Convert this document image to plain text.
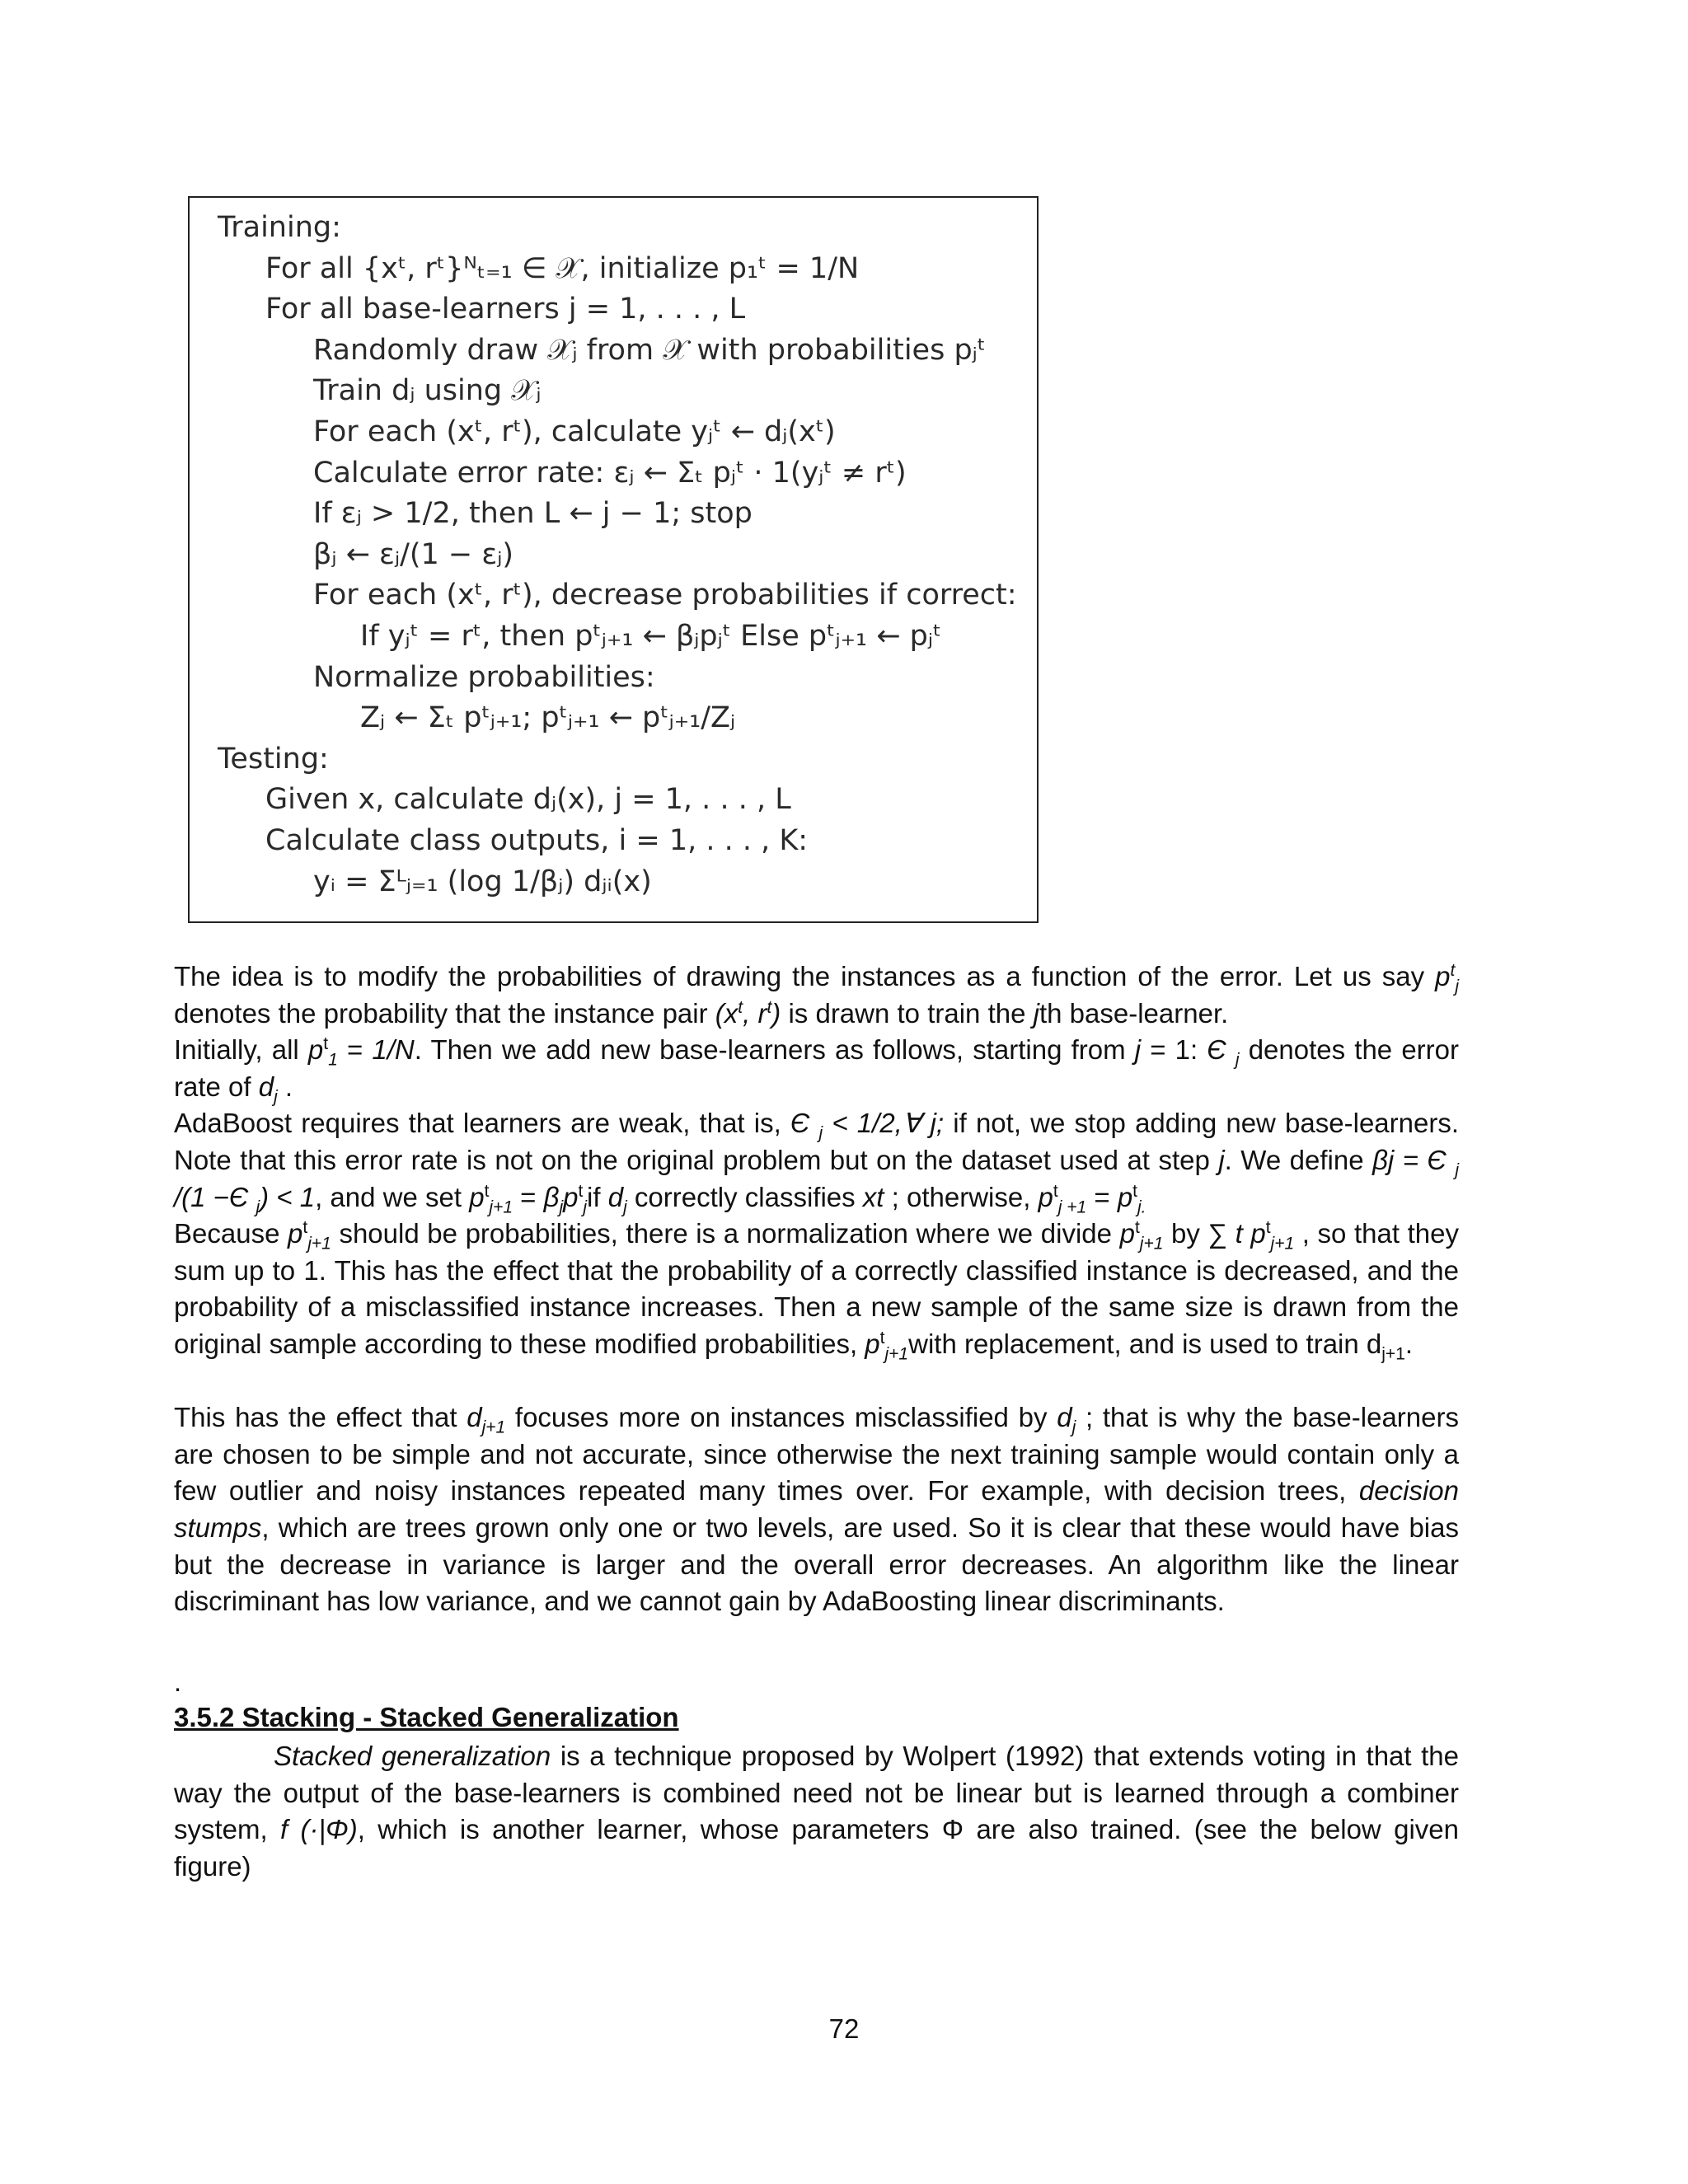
Training:
For all {xᵗ, rᵗ}ᴺₜ₌₁ ∈ 𝒳, initialize p₁ᵗ = 1/N
For all base-learners j = 1, . . . , L
Randomly draw 𝒳ⱼ from 𝒳 with probabilities pⱼᵗ
Train dⱼ using 𝒳ⱼ
For each (xᵗ, rᵗ), calculate yⱼᵗ ← dⱼ(xᵗ)
Calculate error rate: εⱼ ← Σₜ pⱼᵗ · 1(yⱼᵗ ≠ rᵗ)
If εⱼ > 1/2, then L ← j − 1; stop
βⱼ ← εⱼ/(1 − εⱼ)
For each (xᵗ, rᵗ), decrease probabilities if correct:
If yⱼᵗ = rᵗ, then pᵗⱼ₊₁ ← βⱼpⱼᵗ Else pᵗⱼ₊₁ ← pⱼᵗ
Normalize probabilities:
Zⱼ ← Σₜ pᵗⱼ₊₁; pᵗⱼ₊₁ ← pᵗⱼ₊₁/Zⱼ
Testing:
Given x, calculate dⱼ(x), j = 1, . . . , L
Calculate class outputs, i = 1, . . . , K:
yᵢ = Σᴸⱼ₌₁ (log 1/βⱼ) dⱼᵢ(x)

The idea is to modify the probabilities of drawing the instances as a function of the error. Let us say $p^t_j$ denotes the probability that the instance pair ($x^t$, $r^t$) is drawn to train the jth base-learner.

Initially, all $p^t_1 = 1/N$. Then we add new base-learners as follows, starting from j = 1: Є $_j$ denotes the error rate of $d_j$ .

AdaBoost requires that learners are weak, that is, Є $_j$ < 1/2,∀ j; if not, we stop adding new base-learners. Note that this error rate is not on the original problem but on the dataset used at step j. We define βj = Є $_j$ /(1 −Є $_j$) < 1, and we set $p^t_{j+1} = \beta_jp^t_jif$ $d_j$ correctly classifies xt ; otherwise, $p^t_{j +1} = p^t_{j.}$

Because $p^t_{j+1}$ should be probabilities, there is a normalization where we divide $p^t_{j+1}$ by ∑ t $p^t_{j+1}$ , so that they sum up to 1. This has the effect that the probability of a correctly classified instance is decreased, and the probability of a misclassified instance increases. Then a new sample of the same size is drawn from the original sample according to these modified probabilities, $p^t_{j+1}with$ replacement, and is used to train $d_{j+1}$.

This has the effect that $d_{j+1}$ focuses more on instances misclassified by $d_j$ ; that is why the base-learners are chosen to be simple and not accurate, since otherwise the next training sample would contain only a few outlier and noisy instances repeated many times over. For example, with decision trees, decision stumps, which are trees grown only one or two levels, are used. So it is clear that these would have bias but the decrease in variance is larger and the overall error decreases. An algorithm like the linear discriminant has low variance, and we cannot gain by AdaBoosting linear discriminants.

.
3.5.2 Stacking - Stacked Generalization

Stacked generalization is a technique proposed by Wolpert (1992) that extends voting in that the way the output of the base-learners is combined need not be linear but is learned through a combiner system, f (·|Φ), which is another learner, whose parameters Φ are also trained. (see the below given figure)

72
